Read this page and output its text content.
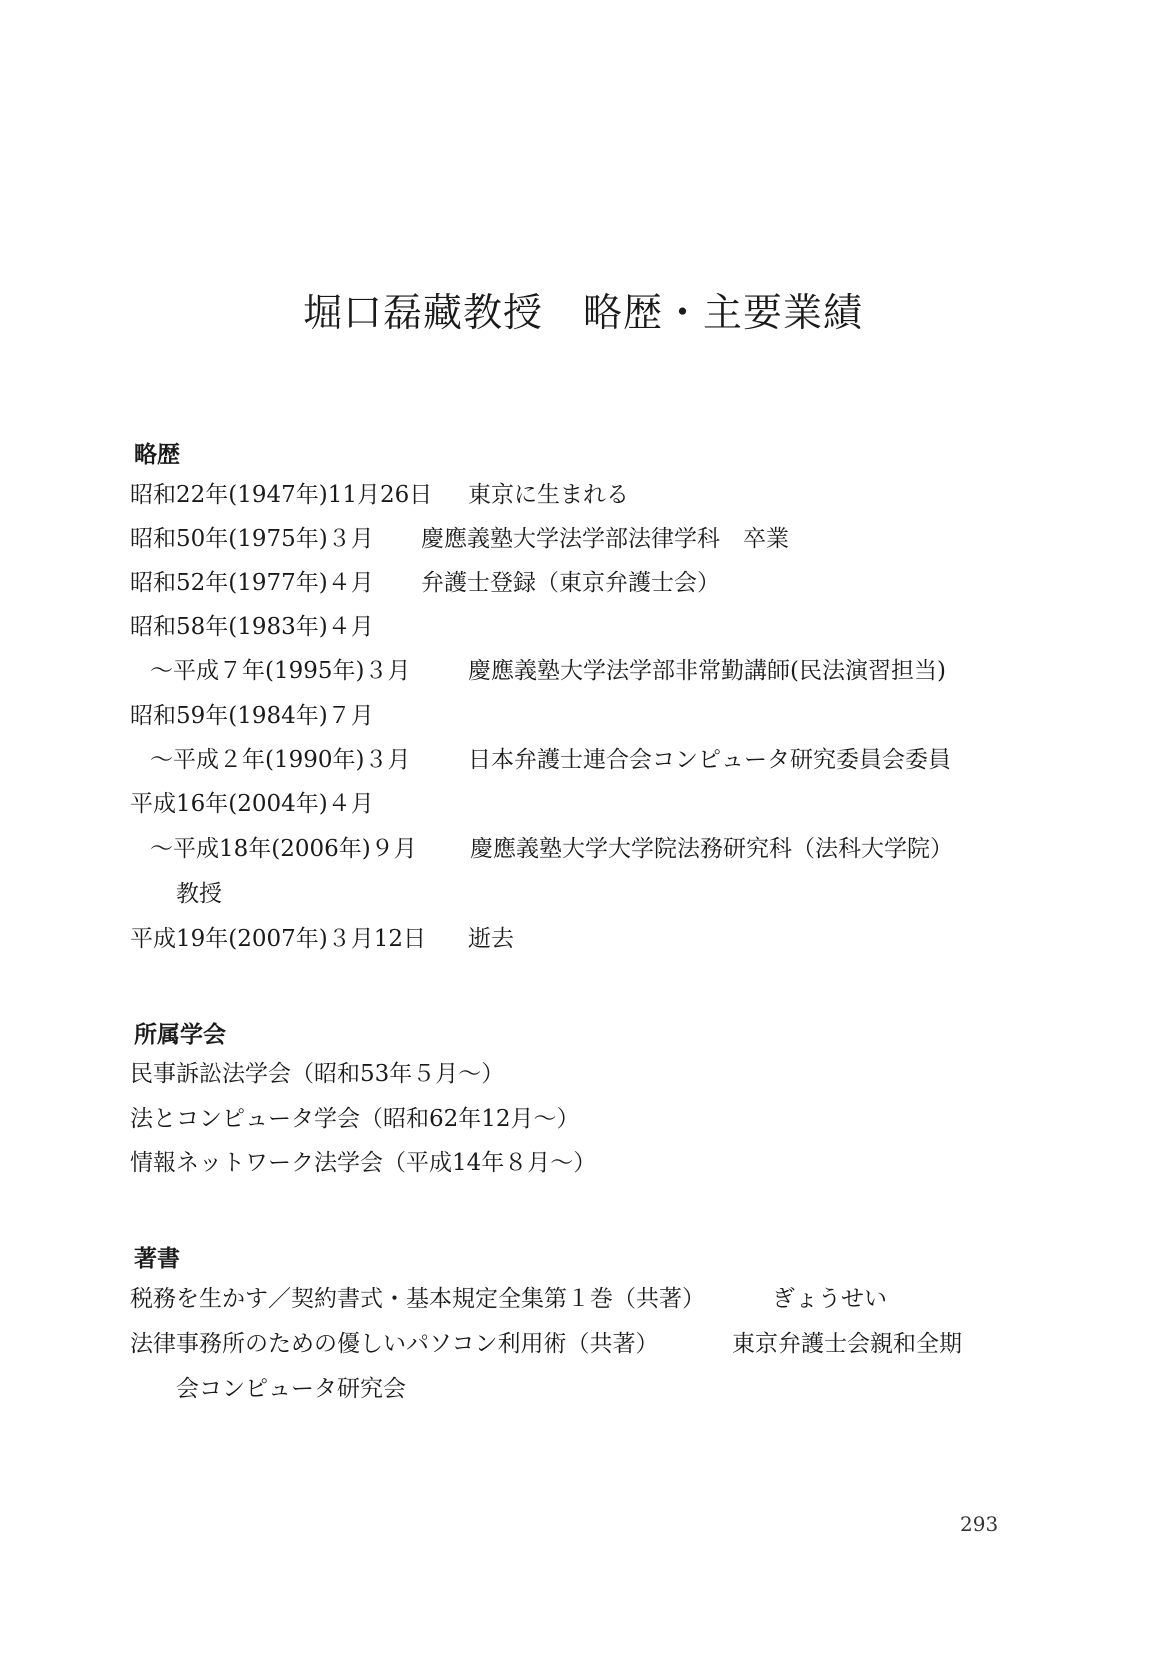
堀口磊藏教授　略歴・主要業績
略歴
昭和22年(1947年)11月26日 東京に生まれる
昭和50年(1975年)３月 慶應義塾大学法学部法律学科　卒業
昭和52年(1977年)４月 弁護士登録（東京弁護士会）
昭和58年(1983年)４月
～平成７年(1995年)３月	慶應義塾大学法学部非常勤講師(民法演習担当)
昭和59年(1984年)７月
～平成２年(1990年)３月	日本弁護士連合会コンピュータ研究委員会委員
平成16年(2004年)４月
～平成18年(2006年)９月 慶應義塾大学大学院法務研究科（法科大学院）
教授
平成19年(2007年)３月12日 逝去
所属学会
民事訴訟法学会（昭和53年５月～）
法とコンピュータ学会（昭和62年12月～）
情報ネットワーク法学会（平成14年８月～）
著書
税務を生かす／契約書式・基本規定全集第１巻（共著）	ぎょうせい
法律事務所のための優しいパソコン利用術（共著）	東京弁護士会親和全期
会コンピュータ研究会
293
